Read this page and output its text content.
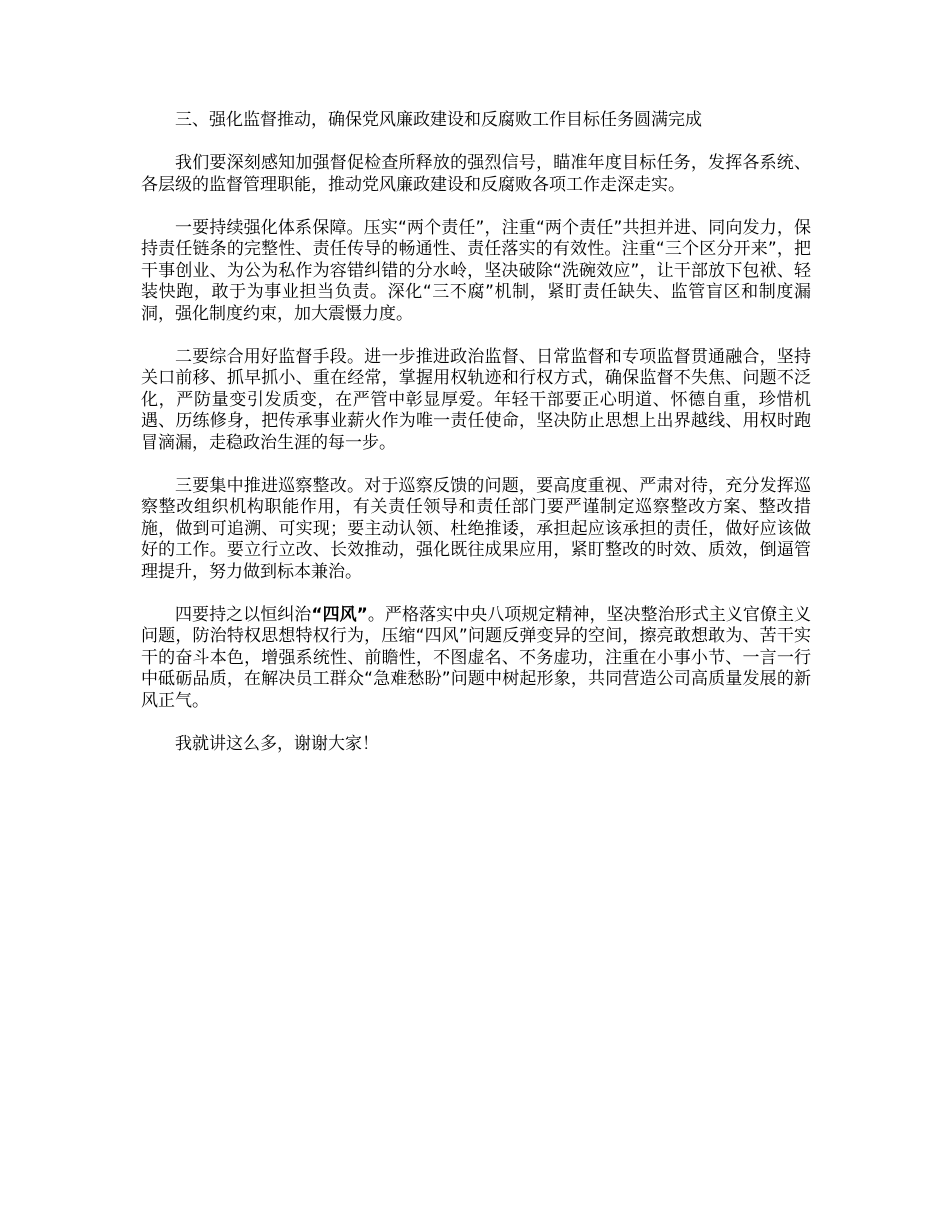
三、强化监督推动，确保党风廉政建设和反腐败工作目标任务圆满完成

我们要深刻感知加强督促检查所释放的强烈信号，瞄准年度目标任务，发挥各系统、各层级的监督管理职能，推动党风廉政建设和反腐败各项工作走深走实。

一要持续强化体系保障。压实“两个责任”，注重“两个责任”共担并进、同向发力，保持责任链条的完整性、责任传导的畅通性、责任落实的有效性。注重“三个区分开来”，把干事创业、为公为私作为容错纠错的分水岭，坚决破除“洗碗效应”，让干部放下包袱、轻装快跑，敢于为事业担当负责。深化“三不腐”机制，紧盯责任缺失、监管盲区和制度漏洞，强化制度约束，加大震慑力度。

二要综合用好监督手段。进一步推进政治监督、日常监督和专项监督贯通融合，坚持关口前移、抓早抓小、重在经常，掌握用权轨迹和行权方式，确保监督不失焦、问题不泛化，严防量变引发质变，在严管中彰显厚爱。年轻干部要正心明道、怀德自重，珍惜机遇、历练修身，把传承事业薪火作为唯一责任使命，坚决防止思想上出界越线、用权时跑冒滴漏，走稳政治生涯的每一步。

三要集中推进巡察整改。对于巡察反馈的问题，要高度重视、严肃对待，充分发挥巡察整改组织机构职能作用，有关责任领导和责任部门要严谨制定巡察整改方案、整改措施，做到可追溯、可实现；要主动认领、杜绝推诿，承担起应该承担的责任，做好应该做好的工作。要立行立改、长效推动，强化既往成果应用，紧盯整改的时效、质效，倒逼管理提升，努力做到标本兼治。

四要持之以恒纠治“四风”。严格落实中央八项规定精神，坚决整治形式主义官僚主义问题，防治特权思想特权行为，压缩“四风”问题反弹变异的空间，擦亮敢想敢为、苦干实干的奋斗本色，增强系统性、前瞻性，不图虚名、不务虚功，注重在小事小节、一言一行中砥砺品质，在解决员工群众“急难愁盼”问题中树起形象，共同营造公司高质量发展的新风正气。

我就讲这么多，谢谢大家！
